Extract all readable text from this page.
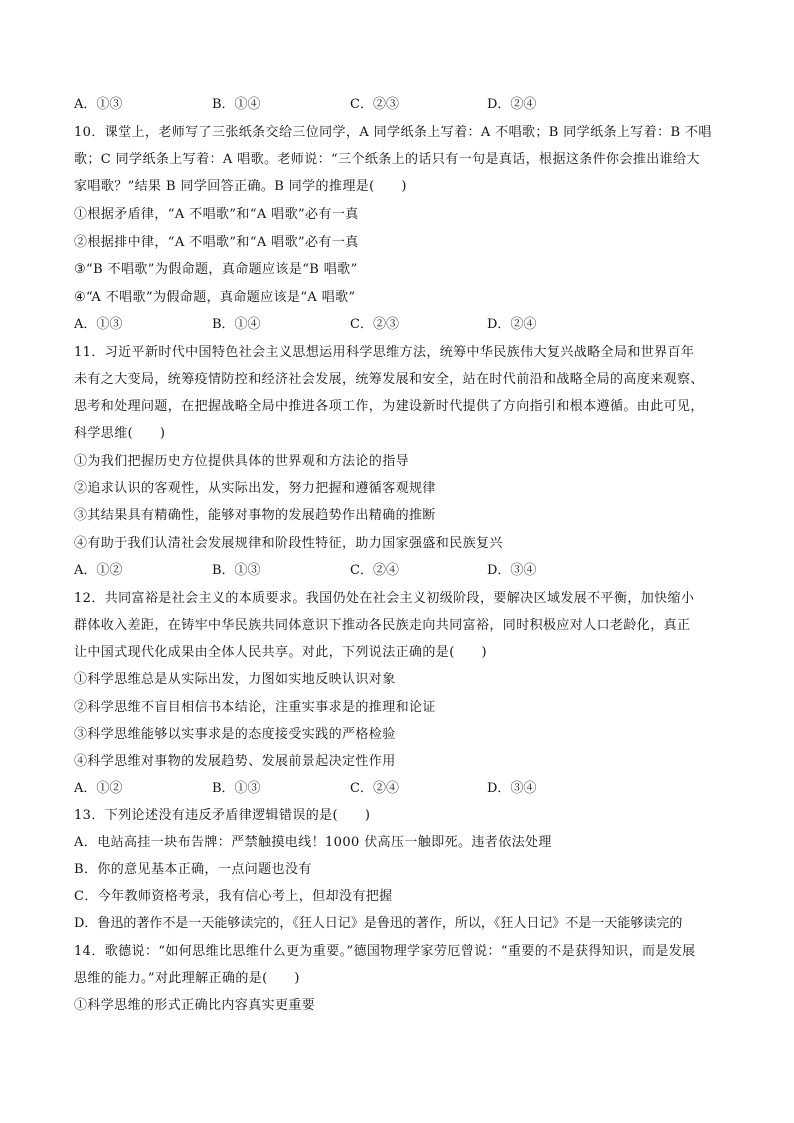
A．①③	B．①④	C．②③	D．②④
10．课堂上，老师写了三张纸条交给三位同学，A 同学纸条上写着：A 不唱歌；B 同学纸条上写着：B 不唱
歌；C 同学纸条上写着：A 唱歌。老师说：“三个纸条上的话只有一句是真话，根据这条件你会推出谁给大
家唱歌？”结果 B 同学回答正确。B 同学的推理是(　　)
①根据矛盾律，“A 不唱歌”和“A 唱歌”必有一真
②根据排中律，“A 不唱歌”和“A 唱歌”必有一真
③“B 不唱歌”为假命题，真命题应该是“B 唱歌”
④“A 不唱歌”为假命题，真命题应该是“A 唱歌”
A．①③	B．①④	C．②③	D．②④
11．习近平新时代中国特色社会主义思想运用科学思维方法，统筹中华民族伟大复兴战略全局和世界百年
未有之大变局，统筹疫情防控和经济社会发展，统筹发展和安全，站在时代前沿和战略全局的高度来观察、
思考和处理问题，在把握战略全局中推进各项工作，为建设新时代提供了方向指引和根本遵循。由此可见，
科学思维(　　)
①为我们把握历史方位提供具体的世界观和方法论的指导
②追求认识的客观性，从实际出发，努力把握和遵循客观规律
③其结果具有精确性，能够对事物的发展趋势作出精确的推断
④有助于我们认清社会发展规律和阶段性特征，助力国家强盛和民族复兴
A．①②	B．①③	C．②④	D．③④
12．共同富裕是社会主义的本质要求。我国仍处在社会主义初级阶段，要解决区域发展不平衡，加快缩小
群体收入差距，在铸牢中华民族共同体意识下推动各民族走向共同富裕，同时积极应对人口老龄化，真正
让中国式现代化成果由全体人民共享。对此，下列说法正确的是(　　)
①科学思维总是从实际出发，力图如实地反映认识对象
②科学思维不盲目相信书本结论，注重实事求是的推理和论证
③科学思维能够以实事求是的态度接受实践的严格检验
④科学思维对事物的发展趋势、发展前景起决定性作用
A．①②	B．①③	C．②④	D．③④
13．下列论述没有违反矛盾律逻辑错误的是(　　)
A．电站高挂一块布告牌：严禁触摸电线！1000 伏高压一触即死。违者依法处理
B．你的意见基本正确，一点问题也没有
C．今年教师资格考录，我有信心考上，但却没有把握
D．鲁迅的著作不是一天能够读完的，《狂人日记》是鲁迅的著作，所以，《狂人日记》不是一天能够读完的
14．歌德说：“如何思维比思维什么更为重要。”德国物理学家劳厄曾说：“重要的不是获得知识，而是发展
思维的能力。”对此理解正确的是(　　)
①科学思维的形式正确比内容真实更重要
